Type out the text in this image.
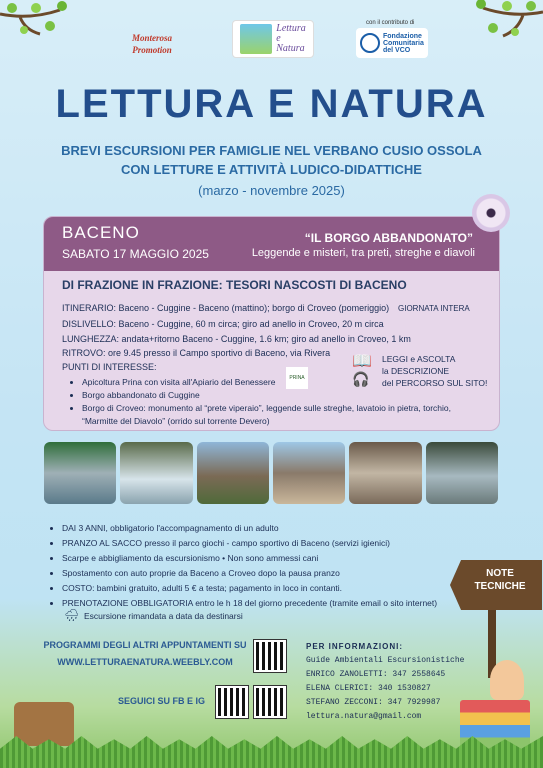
Monterosa Promotion
Lettura
e
Natura
con il contributo di
Fondazione Comunitaria del VCO
LETTURA E NATURA
BREVI ESCURSIONI PER FAMIGLIE NEL VERBANO CUSIO OSSOLA
CON LETTURE E ATTIVITÀ LUDICO-DIDATTICHE
(marzo - novembre 2025)
BACENO
SABATO 17 MAGGIO 2025
“IL BORGO ABBANDONATO”
Leggende e misteri, tra preti, streghe e diavoli
DI FRAZIONE IN FRAZIONE: TESORI NASCOSTI DI BACENO
ITINERARIO: Baceno - Cuggine - Baceno (mattino); borgo di Croveo (pomeriggio) GIORNATA INTERA
DISLIVELLO: Baceno - Cuggine, 60 m circa; giro ad anello in Croveo, 20 m circa
LUNGHEZZA: andata+ritorno Baceno - Cuggine, 1.6 km; giro ad anello in Croveo, 1 km
RITROVO: ore 9.45 presso il Campo sportivo di Baceno, via Rivera
PUNTI DI INTERESSE:
• Apicoltura Prina con visita all'Apiario del Benessere
• Borgo abbandonato di Cuggine
• Borgo di Croveo: monumento al “prete viperaio”, leggende sulle streghe, lavatoio in pietra, torchio,
“Marmitte del Diavolo” (orrido sul torrente Devero)
PRINA
📖
🎧
LEGGI e ASCOLTA
la DESCRIZIONE
del PERCORSO SUL SITO!
• DAI 3 ANNI, obbligatorio l'accompagnamento di un adulto
• PRANZO AL SACCO presso il parco giochi - campo sportivo di Baceno (servizi igienici)
• Scarpe e abbigliamento da escursionismo • Non sono ammessi cani
• Spostamento con auto proprie da Baceno a Croveo dopo la pausa pranzo
• COSTO: bambini gratuito, adulti 5 € a testa; pagamento in loco in contanti.
• PRENOTAZIONE OBBLIGATORIA entro le h 18 del giorno precedente (tramite email o sito internet)
🌧 Escursione rimandata a data da destinarsi
NOTE TECNICHE
PROGRAMMI DEGLI ALTRI APPUNTAMENTI SU
WWW.LETTURAENATURA.WEEBLY.COM
SEGUICI SU FB E IG
PER INFORMAZIONI:
Guide Ambientali Escursionistiche
ENRICO ZANOLETTI: 347 2558645
ELENA CLERICI: 340 1530827
STEFANO ZECCONI: 347 7929987
lettura.natura@gmail.com
